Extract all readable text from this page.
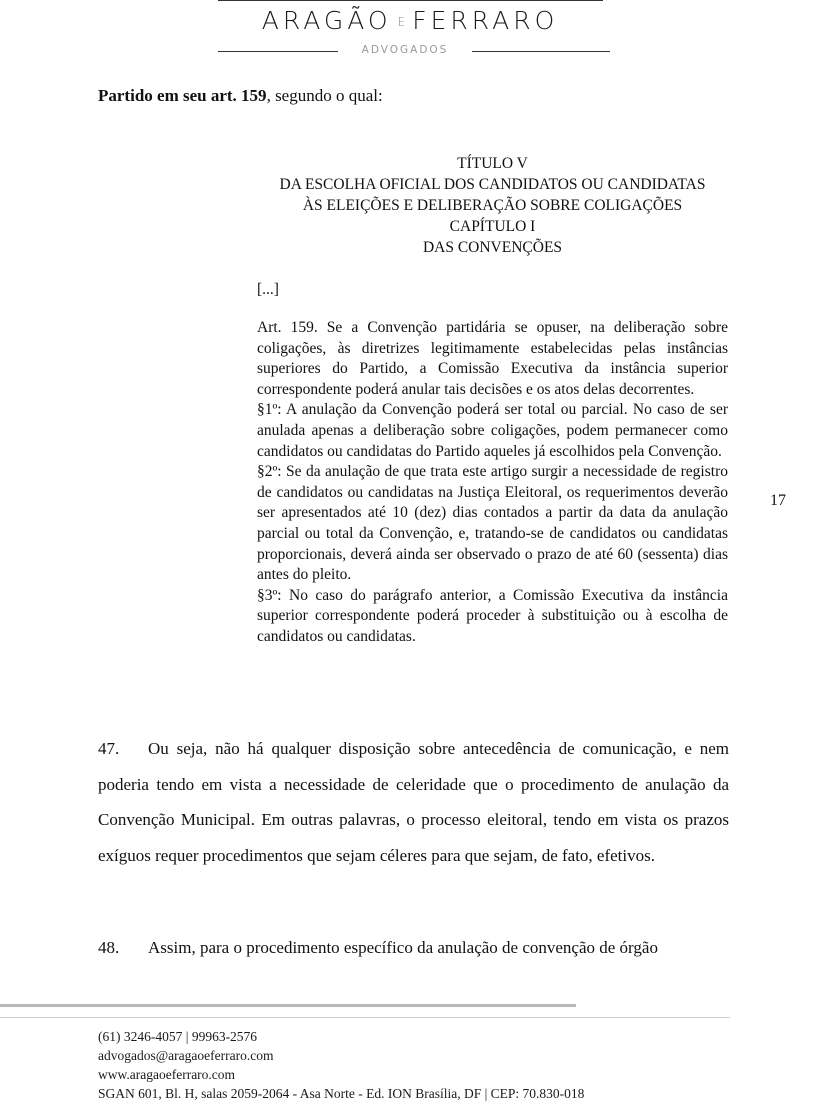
ARAGÃO E FERRARO
ADVOGADOS
Partido em seu art. 159, segundo o qual:
TÍTULO V
DA ESCOLHA OFICIAL DOS CANDIDATOS OU CANDIDATAS
ÀS ELEIÇÕES E DELIBERAÇÃO SOBRE COLIGAÇÕES
CAPÍTULO I
DAS CONVENÇÕES
[...]

Art. 159. Se a Convenção partidária se opuser, na deliberação sobre coligações, às diretrizes legitimamente estabelecidas pelas instâncias superiores do Partido, a Comissão Executiva da instância superior correspondente poderá anular tais decisões e os atos delas decorrentes.

§1º: A anulação da Convenção poderá ser total ou parcial. No caso de ser anulada apenas a deliberação sobre coligações, podem permanecer como candidatos ou candidatas do Partido aqueles já escolhidos pela Convenção.

§2º: Se da anulação de que trata este artigo surgir a necessidade de registro de candidatos ou candidatas na Justiça Eleitoral, os requerimentos deverão ser apresentados até 10 (dez) dias contados a partir da data da anulação parcial ou total da Convenção, e, tratando-se de candidatos ou candidatas proporcionais, deverá ainda ser observado o prazo de até 60 (sessenta) dias antes do pleito.

§3º: No caso do parágrafo anterior, a Comissão Executiva da instância superior correspondente poderá proceder à substituição ou à escolha de candidatos ou candidatas.

17
47. Ou seja, não há qualquer disposição sobre antecedência de comunicação, e nem poderia tendo em vista a necessidade de celeridade que o procedimento de anulação da Convenção Municipal. Em outras palavras, o processo eleitoral, tendo em vista os prazos exíguos requer procedimentos que sejam céleres para que sejam, de fato, efetivos.
48. Assim, para o procedimento específico da anulação de convenção de órgão
(61) 3246-4057 | 99963-2576
advogados@aragaoeferraro.com
www.aragaoeferraro.com
SGAN 601, Bl. H, salas 2059-2064 - Asa Norte - Ed. ION Brasília, DF | CEP: 70.830-018
